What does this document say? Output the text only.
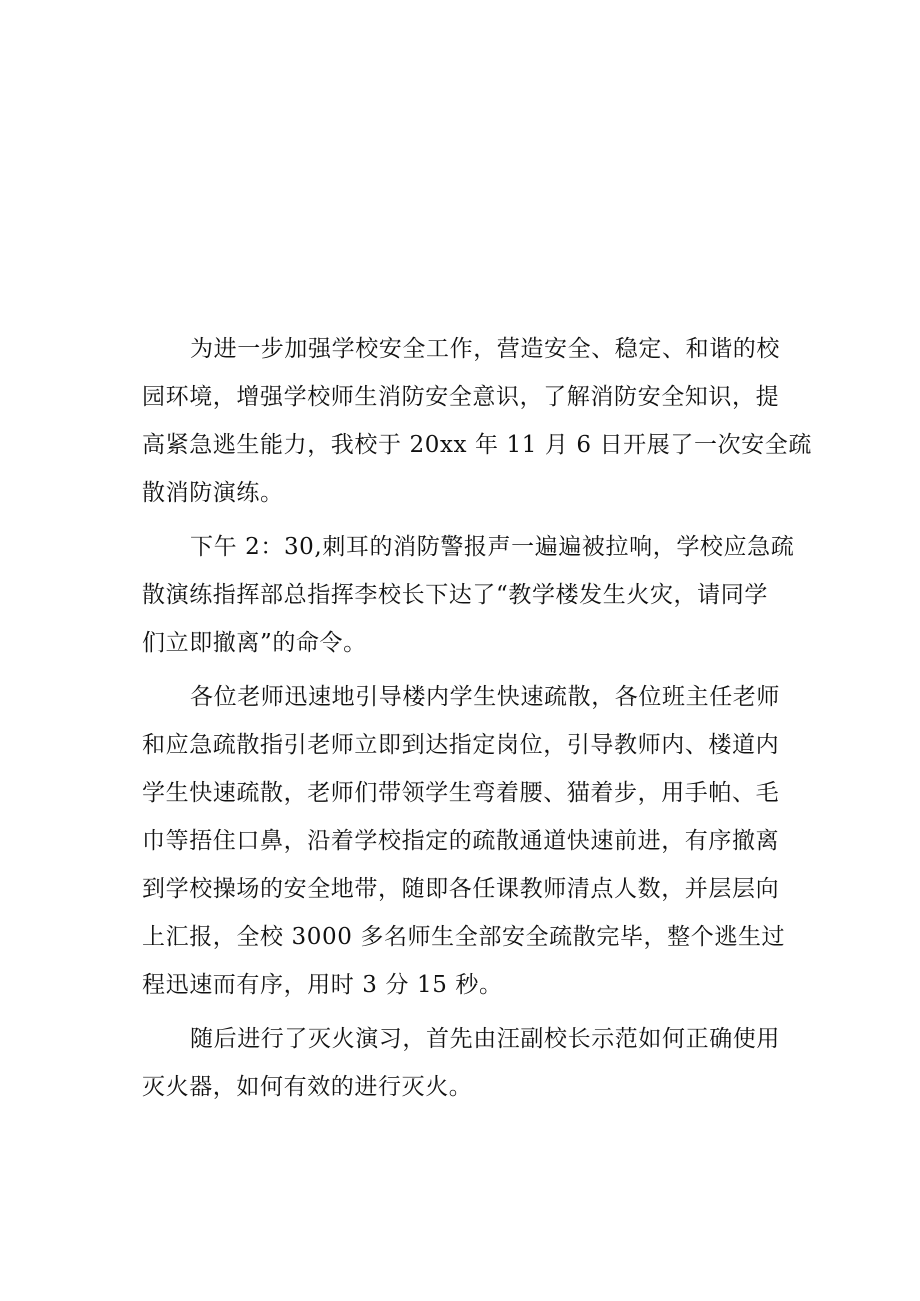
为进一步加强学校安全工作，营造安全、稳定、和谐的校
园环境，增强学校师生消防安全意识，了解消防安全知识，提
高紧急逃生能力，我校于 20xx 年 11 月 6 日开展了一次安全疏
散消防演练。

下午 2：30,刺耳的消防警报声一遍遍被拉响，学校应急疏
散演练指挥部总指挥李校长下达了“教学楼发生火灾，请同学
们立即撤离”的命令。

各位老师迅速地引导楼内学生快速疏散，各位班主任老师
和应急疏散指引老师立即到达指定岗位，引导教师内、楼道内
学生快速疏散，老师们带领学生弯着腰、猫着步，用手帕、毛
巾等捂住口鼻，沿着学校指定的疏散通道快速前进，有序撤离
到学校操场的安全地带，随即各任课教师清点人数，并层层向
上汇报，全校 3000 多名师生全部安全疏散完毕，整个逃生过
程迅速而有序，用时 3 分 15 秒。

随后进行了灭火演习，首先由汪副校长示范如何正确使用
灭火器，如何有效的进行灭火。
